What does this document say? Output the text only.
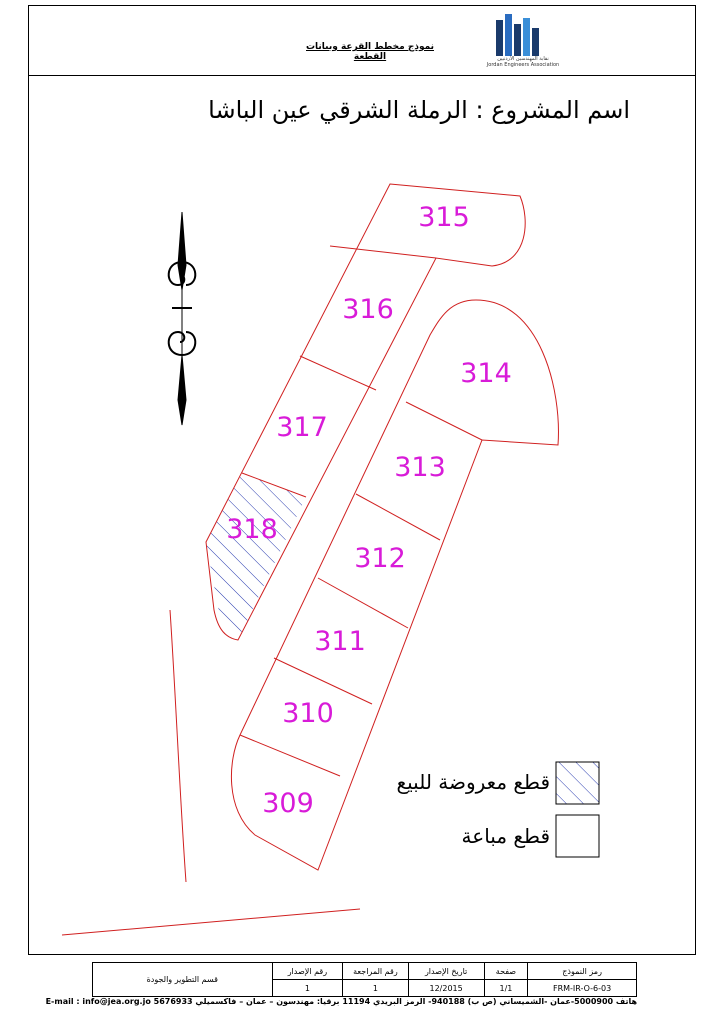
نموذج مخطط القرعة وبيانات القطعة	نقابة المهندسين الأردنيين
Jordan Engineers Association
اسم المشروع : الرملة الشرقي عين الباشا
315
316
317
318
314
313
312
311
310
309
قطع معروضة للبيع
قطع مباعة
رمز النموذج	صفحة	تاريخ الإصدار	رقم المراجعة	رقم الإصدار	قسم التطوير والجودة
FRM-IR-O-6-03	1/1	12/2015	1	1	
هاتف 5000900-عمان -الشميساني (ص ب) 940188- الرمز البريدي 11194 برقيا: مهندسون – عمان – فاكسميلي 5676933 E-mail : info@jea.org.jo
